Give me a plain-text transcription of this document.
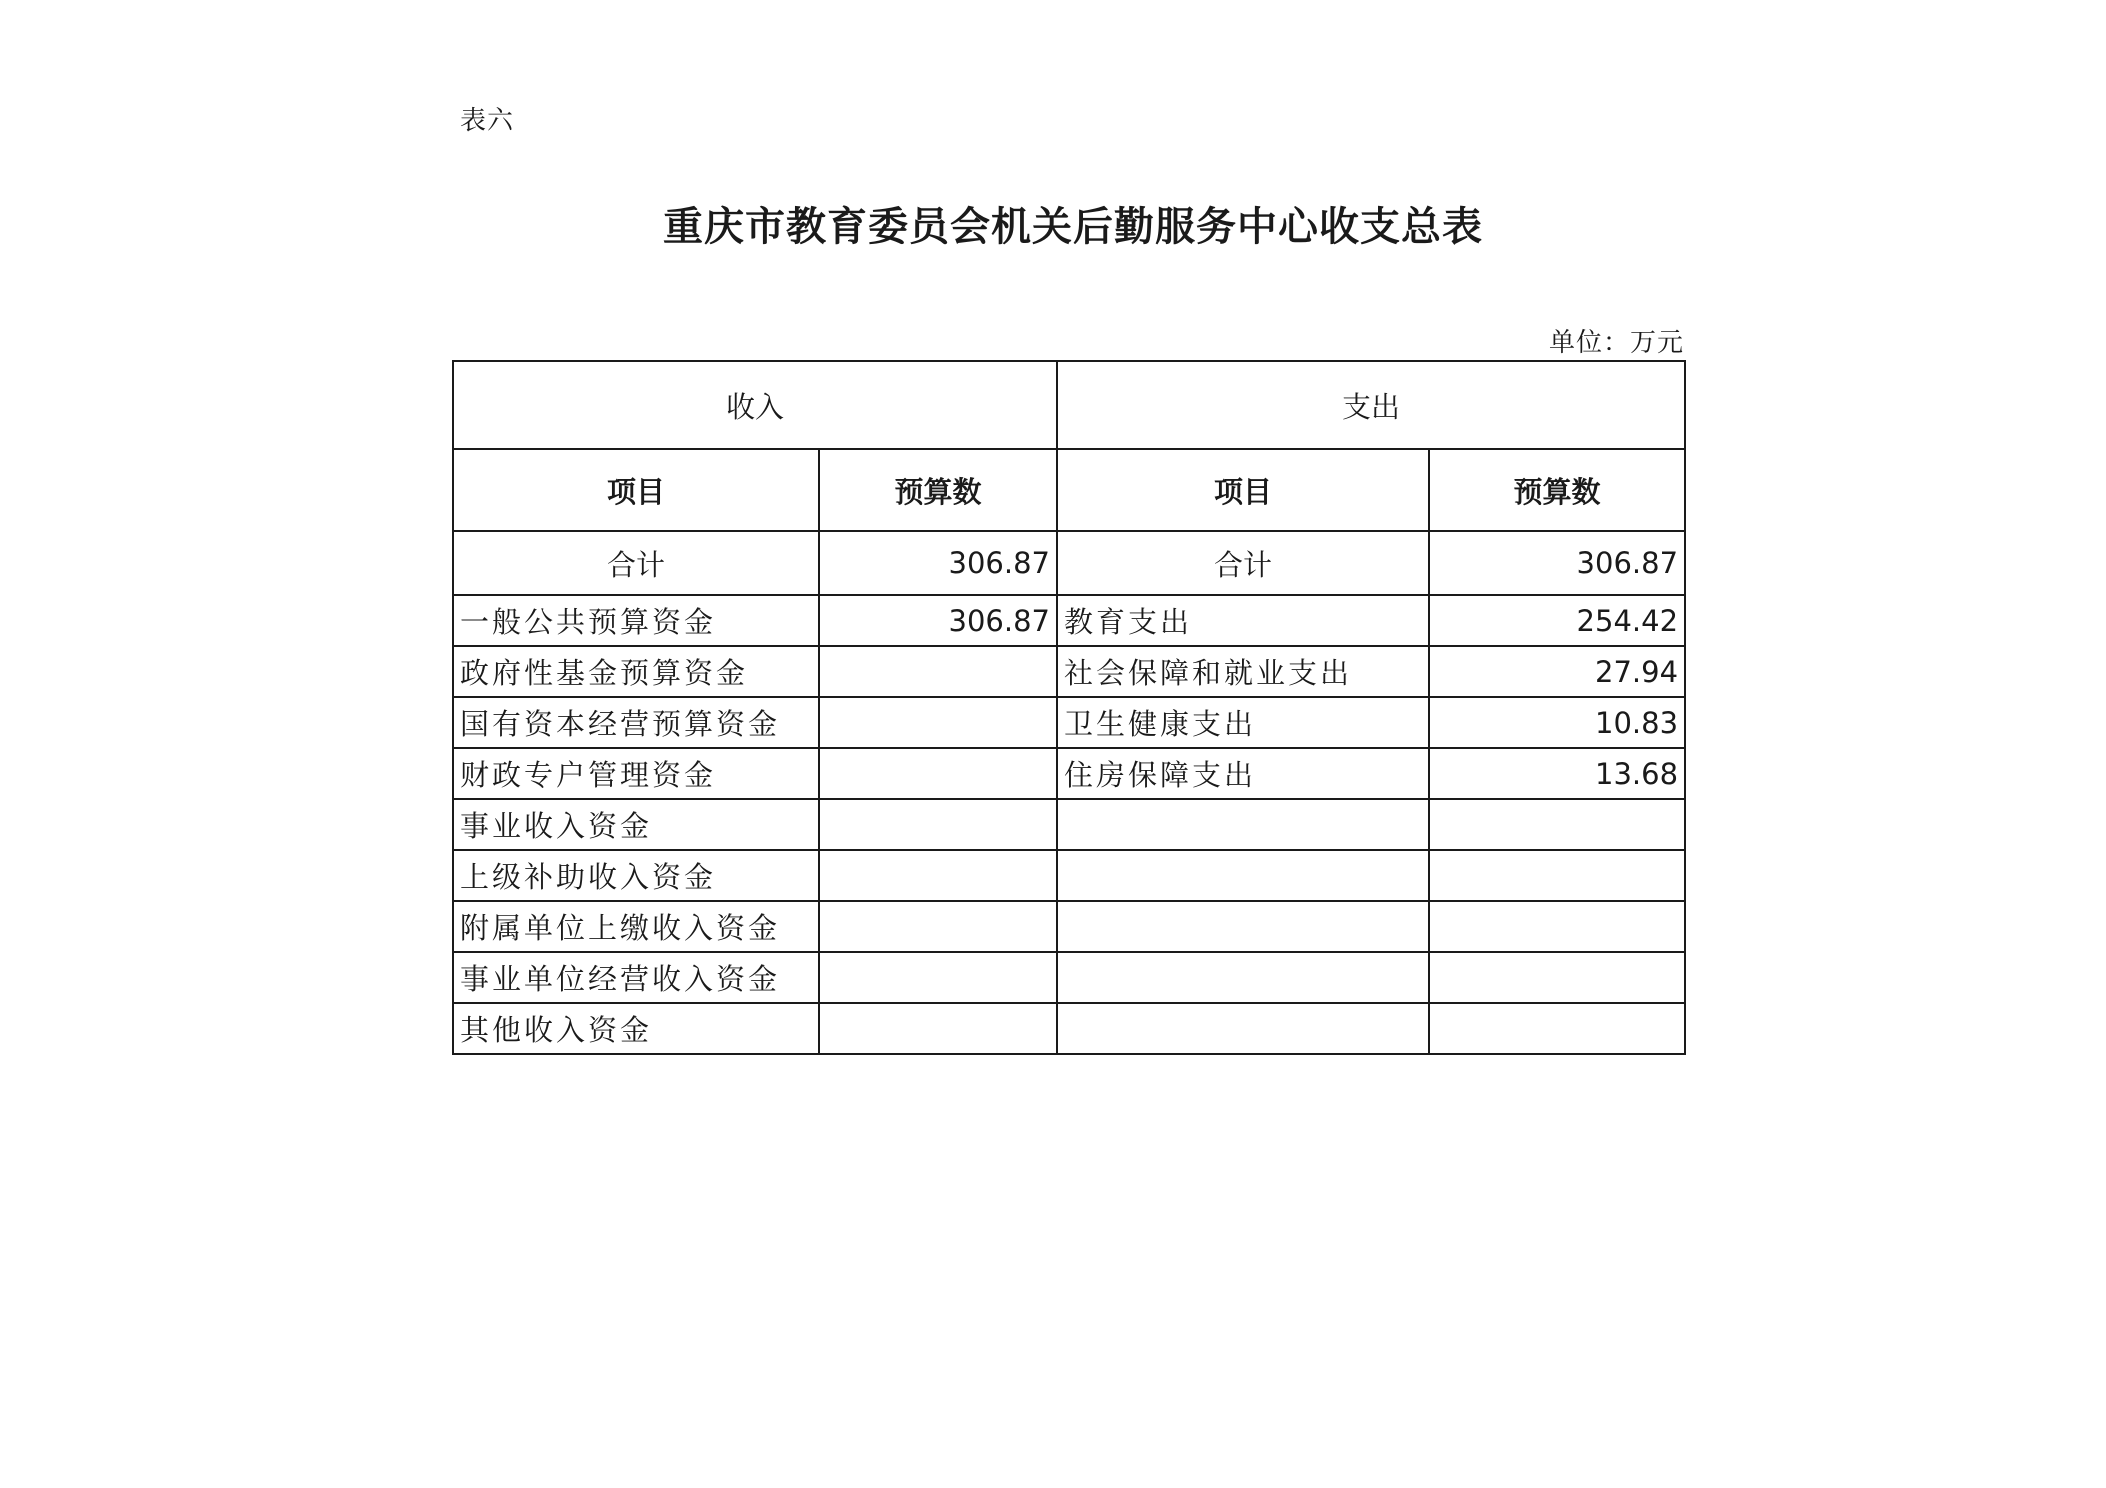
表六
重庆市教育委员会机关后勤服务中心收支总表
单位：万元
收入		支出	
项目	预算数	项目	预算数
合计	306.87	合计	306.87
一般公共预算资金	306.87	教育支出	254.42
政府性基金预算资金		社会保障和就业支出	27.94
国有资本经营预算资金		卫生健康支出	10.83
财政专户管理资金		住房保障支出	13.68
事业收入资金			
上级补助收入资金			
附属单位上缴收入资金			
事业单位经营收入资金			
其他收入资金			
